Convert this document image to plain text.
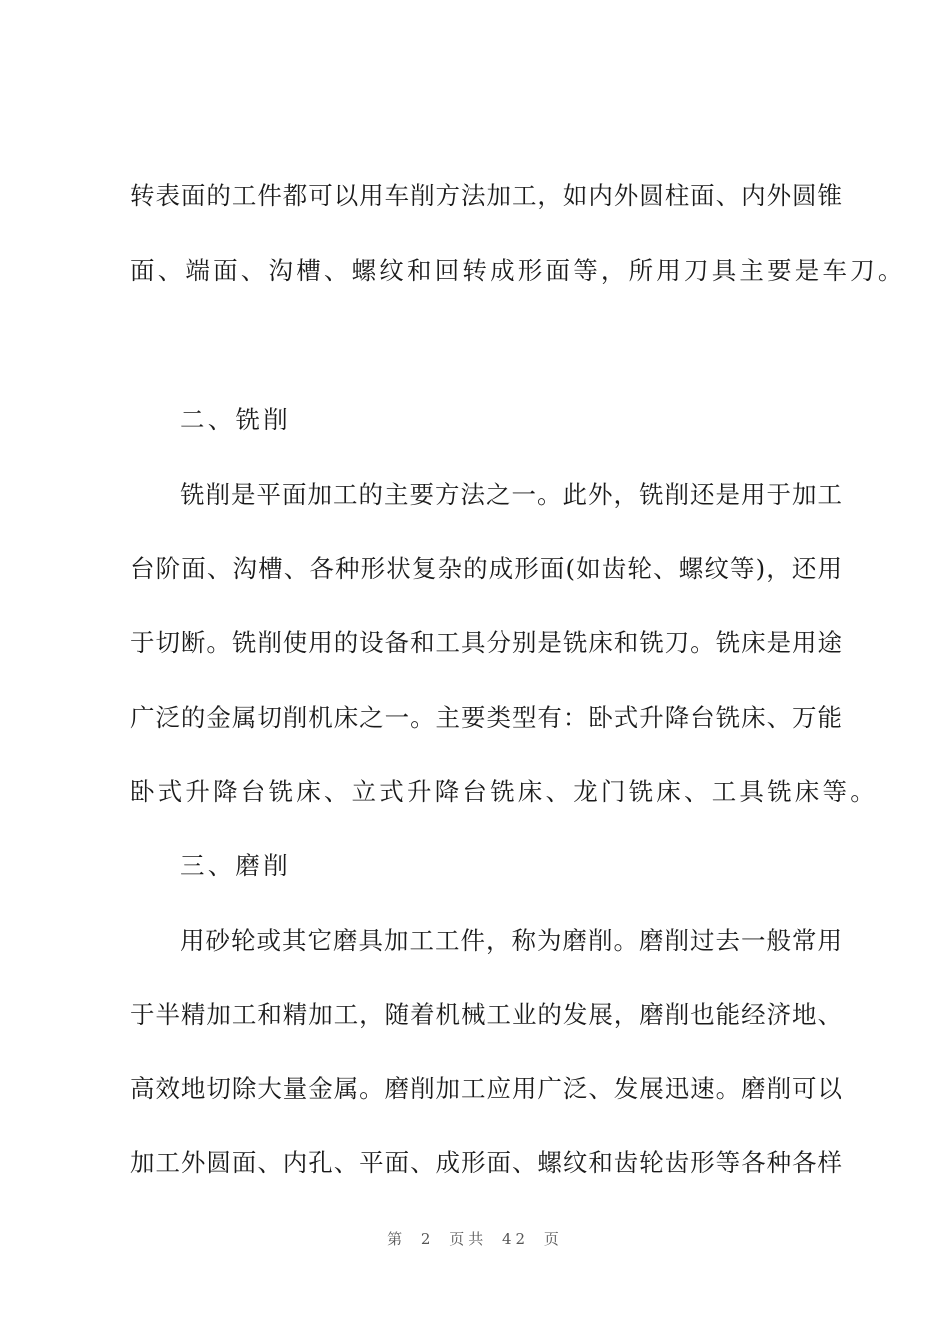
转表面的工件都可以用车削方法加工，如内外圆柱面、内外圆锥
面、端面、沟槽、螺纹和回转成形面等，所用刀具主要是车刀。
二、铣削
铣削是平面加工的主要方法之一。此外，铣削还是用于加工
台阶面、沟槽、各种形状复杂的成形面(如齿轮、螺纹等)，还用
于切断。铣削使用的设备和工具分别是铣床和铣刀。铣床是用途
广泛的金属切削机床之一。主要类型有：卧式升降台铣床、万能
卧式升降台铣床、立式升降台铣床、龙门铣床、工具铣床等。
三、磨削
用砂轮或其它磨具加工工件，称为磨削。磨削过去一般常用
于半精加工和精加工，随着机械工业的发展，磨削也能经济地、
高效地切除大量金属。磨削加工应用广泛、发展迅速。磨削可以
加工外圆面、内孔、平面、成形面、螺纹和齿轮齿形等各种各样
第 2 页共 42 页
